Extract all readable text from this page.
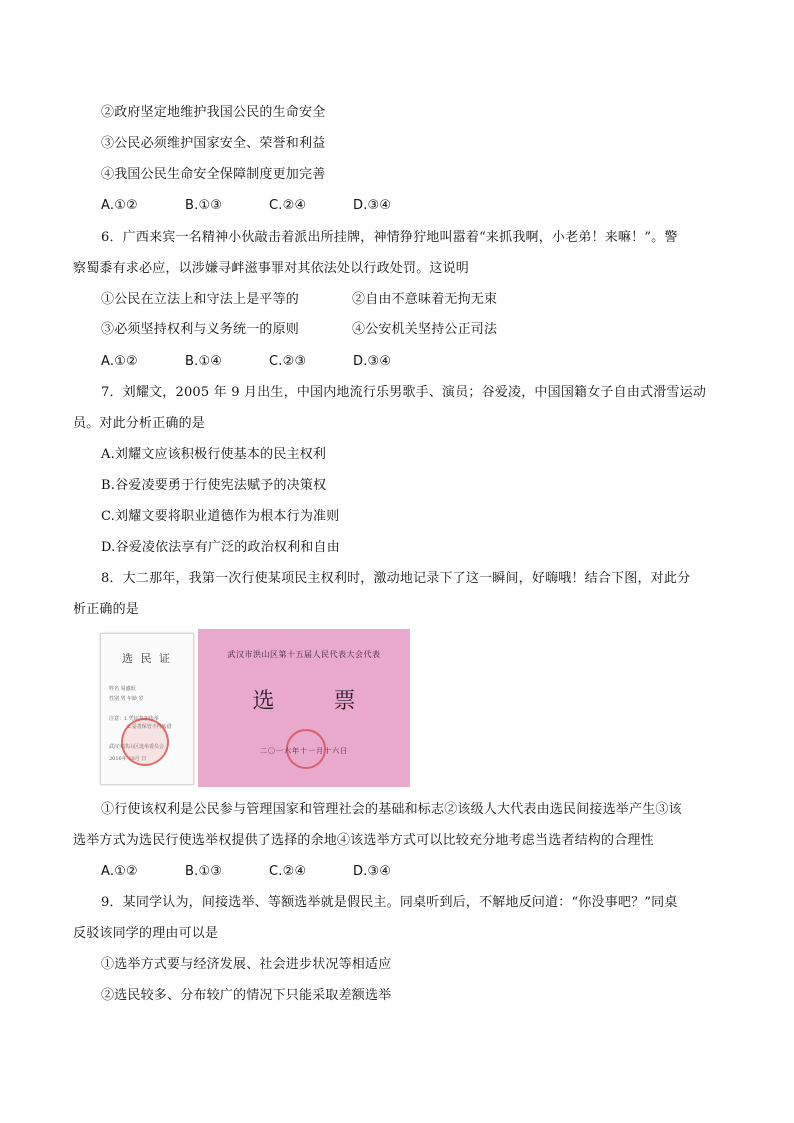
②政府坚定地维护我国公民的生命安全
③公民必须维护国家安全、荣誉和利益
④我国公民生命安全保障制度更加完善
A.①②	B.①③	C.②④	D.③④
6．广西来宾一名精神小伙敲击着派出所挂牌，神情狰狞地叫嚣着“来抓我啊，小老弟！来嘛！”。警
察蜀黍有求必应，以涉嫌寻衅滋事罪对其依法处以行政处罚。这说明
①公民在立法上和守法上是平等的	②自由不意味着无拘无束
③必须坚持权利与义务统一的原则	④公安机关坚持公正司法
A.①②	B.①④	C.②③	D.③④
7．刘耀文，2005 年 9 月出生，中国内地流行乐男歌手、演员；谷爱凌，中国国籍女子自由式滑雪运动
员。对此分析正确的是
A.刘耀文应该积极行使基本的民主权利
B.谷爱凌要勇于行使宪法赋予的决策权
C.刘耀文要将职业道德作为根本行为准则
D.谷爱凌依法享有广泛的政治权利和自由
8．大二那年，我第一次行使某项民主权利时，激动地记录下了这一瞬间，好嗨哦！结合下图，对此分
析正确的是
选 民 证
姓名 易盛珉
性别 男 年龄 岁
注意：1.凭证参加选举
2.妥善保管不得转借
武汉市洪山区选举委员会
2016年 10月 日
武汉市洪山区第十五届人民代表大会代表
选 票
二〇一六年十一月十六日
①行使该权利是公民参与管理国家和管理社会的基础和标志②该级人大代表由选民间接选举产生③该
选举方式为选民行使选举权提供了选择的余地④该选举方式可以比较充分地考虑当选者结构的合理性
A.①②	B.①③	C.②④	D.③④
9．某同学认为，间接选举、等额选举就是假民主。同桌听到后，不解地反问道：“你没事吧？”同桌
反驳该同学的理由可以是
①选举方式要与经济发展、社会进步状况等相适应
②选民较多、分布较广的情况下只能采取差额选举
